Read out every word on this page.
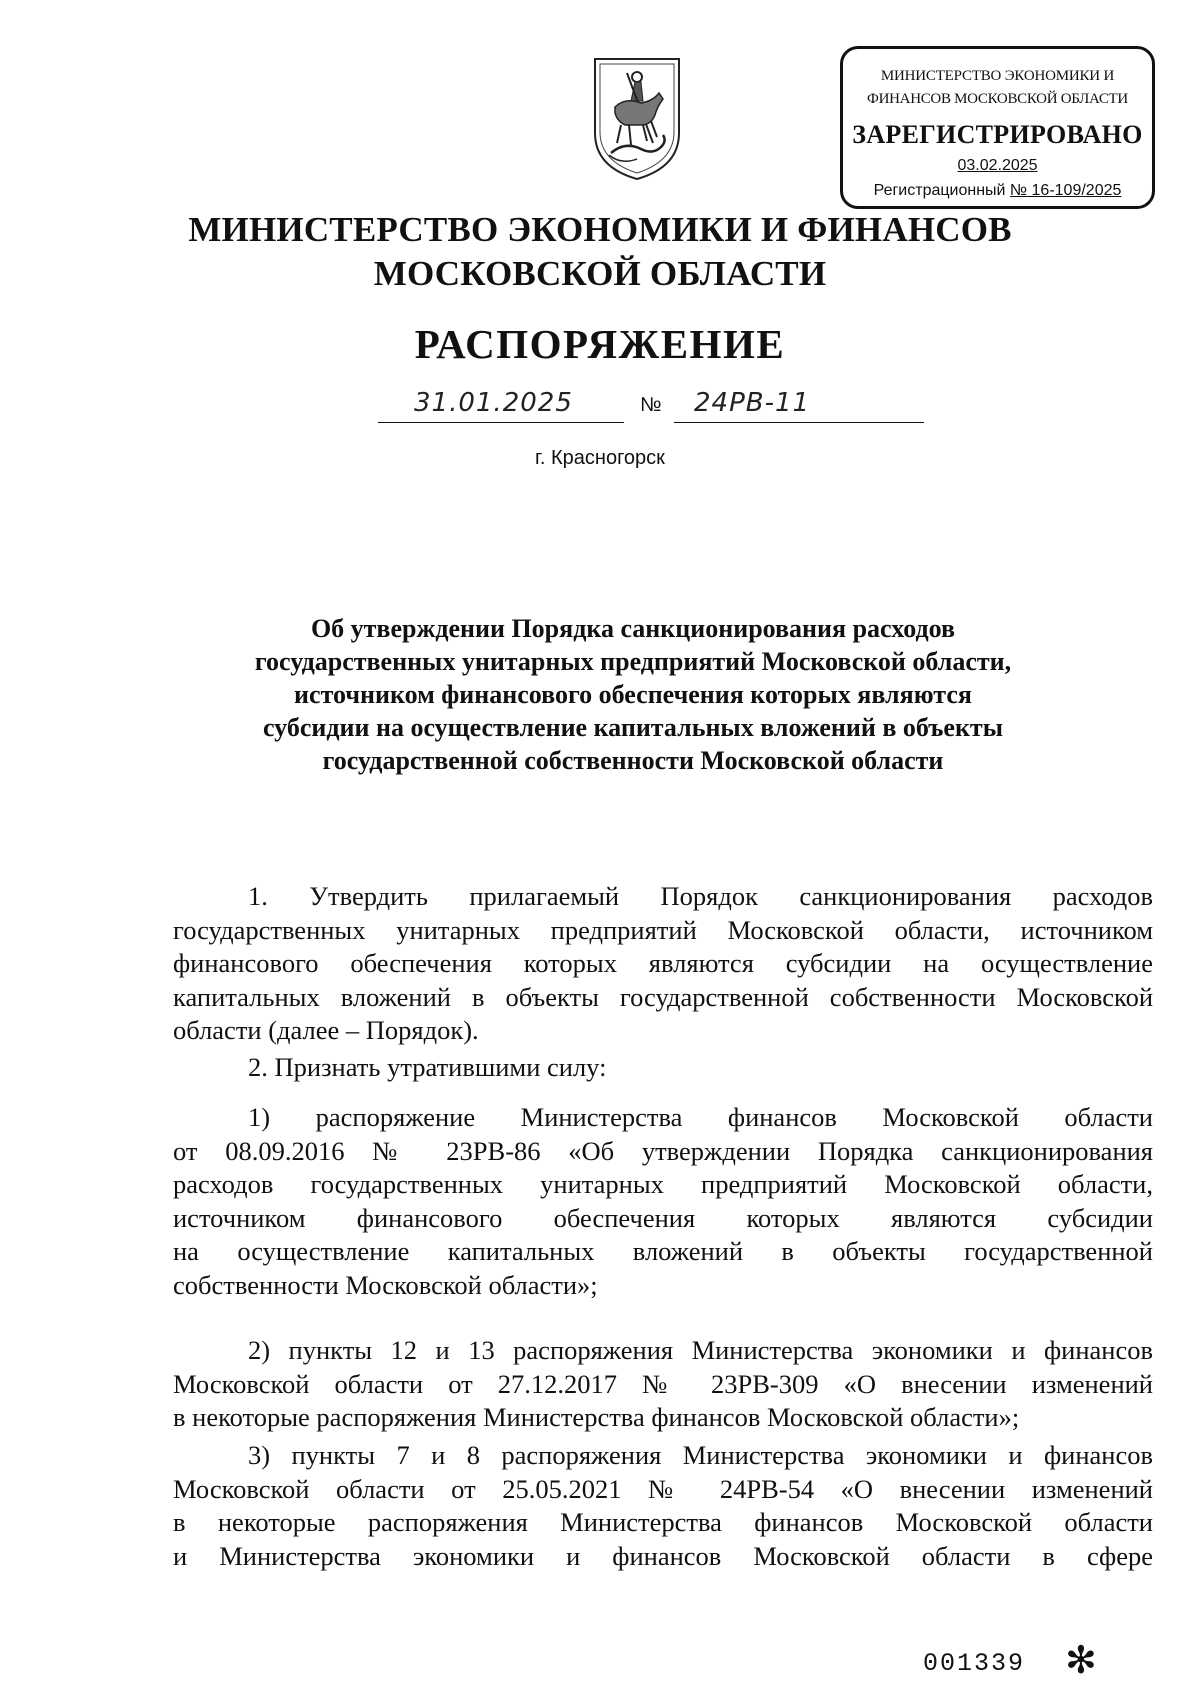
МИНИСТЕРСТВО ЭКОНОМИКИ И
ФИНАНСОВ МОСКОВСКОЙ ОБЛАСТИ
ЗАРЕГИСТРИРОВАНО
03.02.2025
Регистрационный № 16-109/2025
МИНИСТЕРСТВО ЭКОНОМИКИ И ФИНАНСОВ
МОСКОВСКОЙ ОБЛАСТИ
РАСПОРЯЖЕНИЕ
31.01.2025	№ 24РВ-11
г. Красногорск
Об утверждении Порядка санкционирования расходов
государственных унитарных предприятий Московской области,
источником финансового обеспечения которых являются
субсидии на осуществление капитальных вложений в объекты
государственной собственности Московской области
1. Утвердить прилагаемый Порядок санкционирования расходов
государственных унитарных предприятий Московской области, источником
финансового обеспечения которых являются субсидии на осуществление
капитальных вложений в объекты государственной собственности Московской
области (далее – Порядок).
2. Признать утратившими силу:
1) распоряжение Министерства финансов Московской области
от 08.09.2016 № 23РВ-86 «Об утверждении Порядка санкционирования
расходов государственных унитарных предприятий Московской области,
источником финансового обеспечения которых являются субсидии
на осуществление капитальных вложений в объекты государственной
собственности Московской области»;
2) пункты 12 и 13 распоряжения Министерства экономики и финансов
Московской области от 27.12.2017 № 23РВ-309 «О внесении изменений
в некоторые распоряжения Министерства финансов Московской области»;
3) пункты 7 и 8 распоряжения Министерства экономики и финансов
Московской области от 25.05.2021 № 24РВ-54 «О внесении изменений
в некоторые распоряжения Министерства финансов Московской области
и Министерства экономики и финансов Московской области в сфере
001339 ✻
